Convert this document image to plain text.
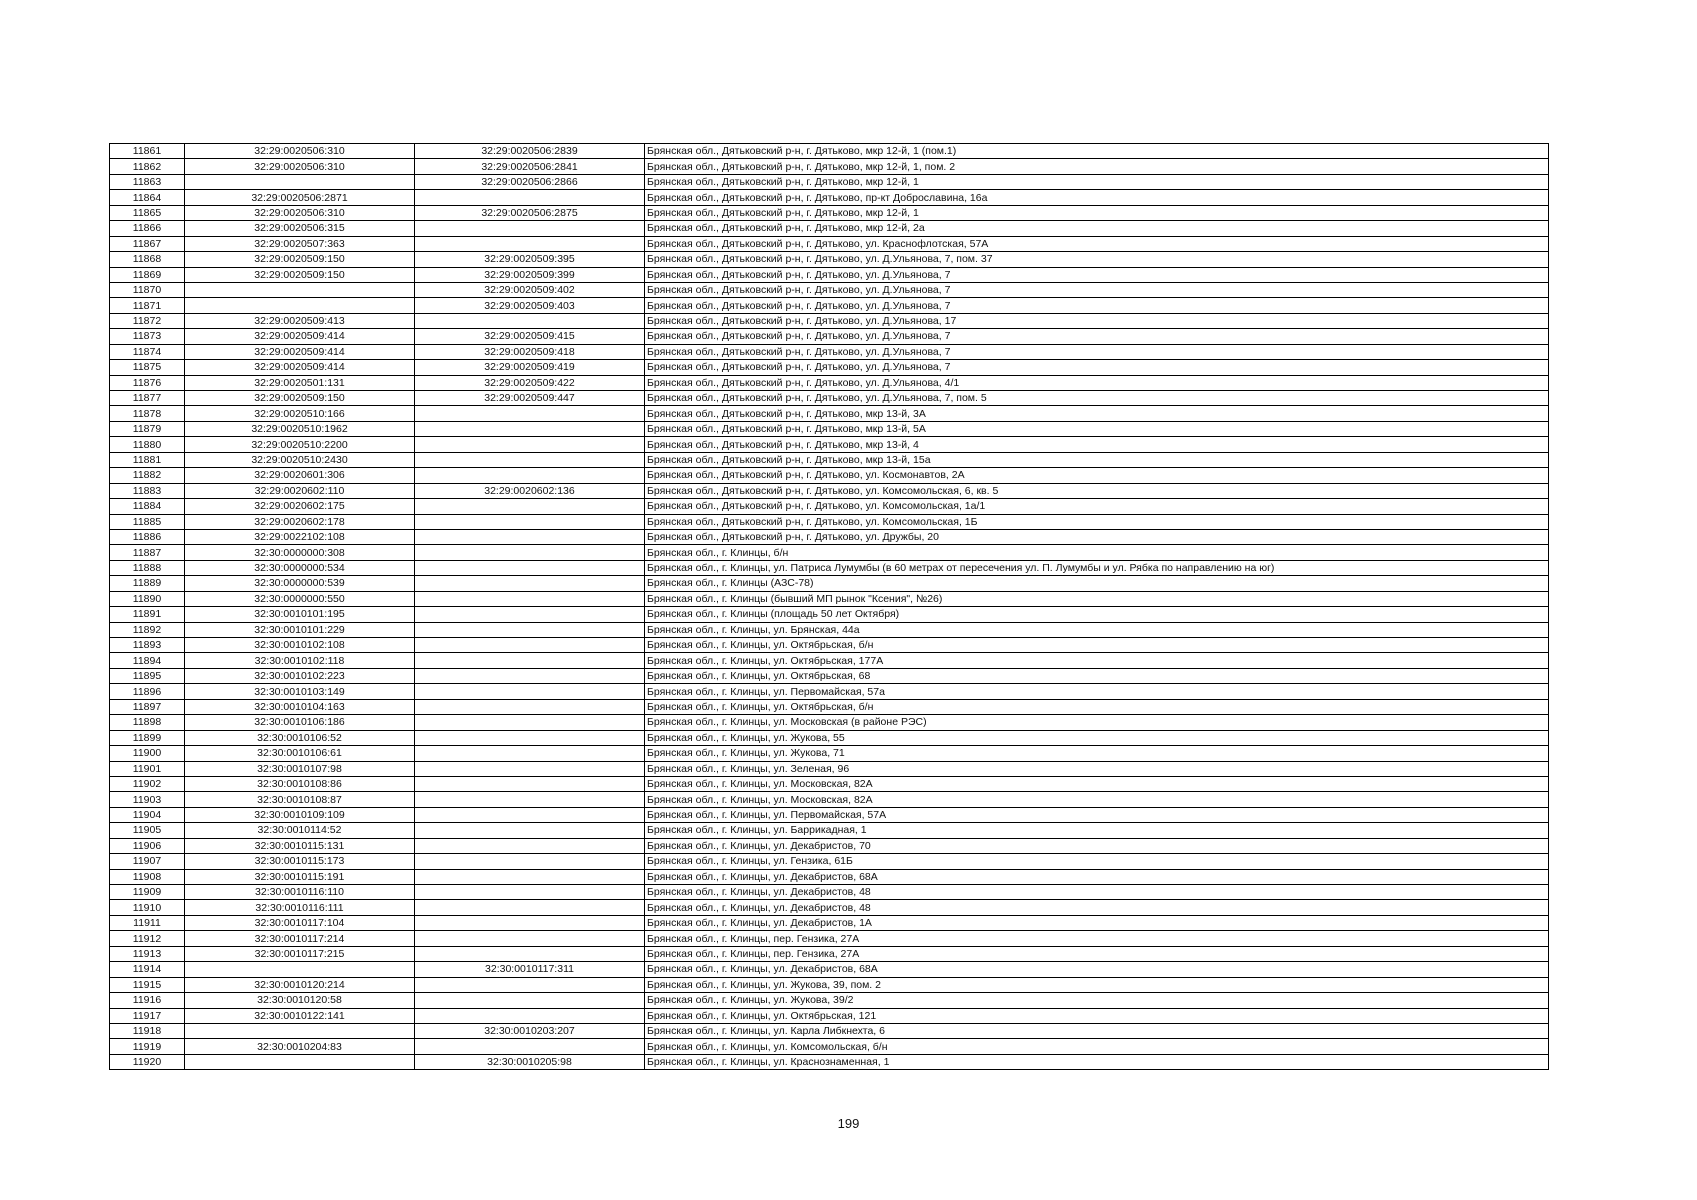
11861	32:29:0020506:310	32:29:0020506:2839	Брянская обл., Дятьковский р-н, г. Дятьково, мкр 12-й, 1 (пом.1)
11862	32:29:0020506:310	32:29:0020506:2841	Брянская обл., Дятьковский р-н, г. Дятьково, мкр 12-й, 1, пом. 2
11863		32:29:0020506:2866	Брянская обл., Дятьковский р-н, г. Дятьково, мкр 12-й, 1
11864	32:29:0020506:2871		Брянская обл., Дятьковский р-н, г. Дятьково, пр-кт Доброславина, 16а
11865	32:29:0020506:310	32:29:0020506:2875	Брянская обл., Дятьковский р-н, г. Дятьково, мкр 12-й, 1
11866	32:29:0020506:315		Брянская обл., Дятьковский р-н, г. Дятьково, мкр 12-й, 2а
11867	32:29:0020507:363		Брянская обл., Дятьковский р-н, г. Дятьково, ул. Краснофлотская, 57А
11868	32:29:0020509:150	32:29:0020509:395	Брянская обл., Дятьковский р-н, г. Дятьково, ул. Д.Ульянова, 7, пом. 37
11869	32:29:0020509:150	32:29:0020509:399	Брянская обл., Дятьковский р-н, г. Дятьково, ул. Д.Ульянова, 7
11870		32:29:0020509:402	Брянская обл., Дятьковский р-н, г. Дятьково, ул. Д.Ульянова, 7
11871		32:29:0020509:403	Брянская обл., Дятьковский р-н, г. Дятьково, ул. Д.Ульянова, 7
11872	32:29:0020509:413		Брянская обл., Дятьковский р-н, г. Дятьково, ул. Д.Ульянова, 17
11873	32:29:0020509:414	32:29:0020509:415	Брянская обл., Дятьковский р-н, г. Дятьково, ул. Д.Ульянова, 7
11874	32:29:0020509:414	32:29:0020509:418	Брянская обл., Дятьковский р-н, г. Дятьково, ул. Д.Ульянова, 7
11875	32:29:0020509:414	32:29:0020509:419	Брянская обл., Дятьковский р-н, г. Дятьково, ул. Д.Ульянова, 7
11876	32:29:0020501:131	32:29:0020509:422	Брянская обл., Дятьковский р-н, г. Дятьково, ул. Д.Ульянова, 4/1
11877	32:29:0020509:150	32:29:0020509:447	Брянская обл., Дятьковский р-н, г. Дятьково, ул. Д.Ульянова, 7, пом. 5
11878	32:29:0020510:166		Брянская обл., Дятьковский р-н, г. Дятьково, мкр 13-й, 3А
11879	32:29:0020510:1962		Брянская обл., Дятьковский р-н, г. Дятьково, мкр 13-й, 5А
11880	32:29:0020510:2200		Брянская обл., Дятьковский р-н, г. Дятьково, мкр 13-й, 4
11881	32:29:0020510:2430		Брянская обл., Дятьковский р-н, г. Дятьково, мкр 13-й, 15а
11882	32:29:0020601:306		Брянская обл., Дятьковский р-н, г. Дятьково, ул. Космонавтов, 2А
11883	32:29:0020602:110	32:29:0020602:136	Брянская обл., Дятьковский р-н, г. Дятьково, ул. Комсомольская, 6, кв. 5
11884	32:29:0020602:175		Брянская обл., Дятьковский р-н, г. Дятьково, ул. Комсомольская, 1а/1
11885	32:29:0020602:178		Брянская обл., Дятьковский р-н, г. Дятьково, ул. Комсомольская, 1Б
11886	32:29:0022102:108		Брянская обл., Дятьковский р-н, г. Дятьково, ул. Дружбы, 20
11887	32:30:0000000:308		Брянская обл., г. Клинцы, б/н
11888	32:30:0000000:534		Брянская обл., г. Клинцы, ул. Патриса Лумумбы (в 60 метрах от пересечения ул. П. Лумумбы и ул. Рябка по направлению на юг)
11889	32:30:0000000:539		Брянская обл., г. Клинцы (АЗС-78)
11890	32:30:0000000:550		Брянская обл., г. Клинцы (бывший МП рынок "Ксения", №26)
11891	32:30:0010101:195		Брянская обл., г. Клинцы (площадь 50 лет Октября)
11892	32:30:0010101:229		Брянская обл., г. Клинцы, ул. Брянская, 44а
11893	32:30:0010102:108		Брянская обл., г. Клинцы, ул. Октябрьская, б/н
11894	32:30:0010102:118		Брянская обл., г. Клинцы, ул. Октябрьская, 177А
11895	32:30:0010102:223		Брянская обл., г. Клинцы, ул. Октябрьская, 68
11896	32:30:0010103:149		Брянская обл., г. Клинцы, ул. Первомайская, 57а
11897	32:30:0010104:163		Брянская обл., г. Клинцы, ул. Октябрьская, б/н
11898	32:30:0010106:186		Брянская обл., г. Клинцы, ул. Московская (в районе РЭС)
11899	32:30:0010106:52		Брянская обл., г. Клинцы, ул. Жукова, 55
11900	32:30:0010106:61		Брянская обл., г. Клинцы, ул. Жукова, 71
11901	32:30:0010107:98		Брянская обл., г. Клинцы, ул. Зеленая, 96
11902	32:30:0010108:86		Брянская обл., г. Клинцы, ул. Московская, 82А
11903	32:30:0010108:87		Брянская обл., г. Клинцы, ул. Московская, 82А
11904	32:30:0010109:109		Брянская обл., г. Клинцы, ул. Первомайская, 57А
11905	32:30:0010114:52		Брянская обл., г. Клинцы, ул. Баррикадная, 1
11906	32:30:0010115:131		Брянская обл., г. Клинцы, ул. Декабристов, 70
11907	32:30:0010115:173		Брянская обл., г. Клинцы, ул. Гензика, 61Б
11908	32:30:0010115:191		Брянская обл., г. Клинцы, ул. Декабристов, 68А
11909	32:30:0010116:110		Брянская обл., г. Клинцы, ул. Декабристов, 48
11910	32:30:0010116:111		Брянская обл., г. Клинцы, ул. Декабристов, 48
11911	32:30:0010117:104		Брянская обл., г. Клинцы, ул. Декабристов, 1А
11912	32:30:0010117:214		Брянская обл., г. Клинцы, пер. Гензика, 27А
11913	32:30:0010117:215		Брянская обл., г. Клинцы, пер. Гензика, 27А
11914		32:30:0010117:311	Брянская обл., г. Клинцы, ул. Декабристов, 68А
11915	32:30:0010120:214		Брянская обл., г. Клинцы, ул. Жукова, 39, пом. 2
11916	32:30:0010120:58		Брянская обл., г. Клинцы, ул. Жукова, 39/2
11917	32:30:0010122:141		Брянская обл., г. Клинцы, ул. Октябрьская, 121
11918		32:30:0010203:207	Брянская обл., г. Клинцы, ул. Карла Либкнехта, 6
11919	32:30:0010204:83		Брянская обл., г. Клинцы, ул. Комсомольская, б/н
11920		32:30:0010205:98	Брянская обл., г. Клинцы, ул. Краснознаменная, 1
199
